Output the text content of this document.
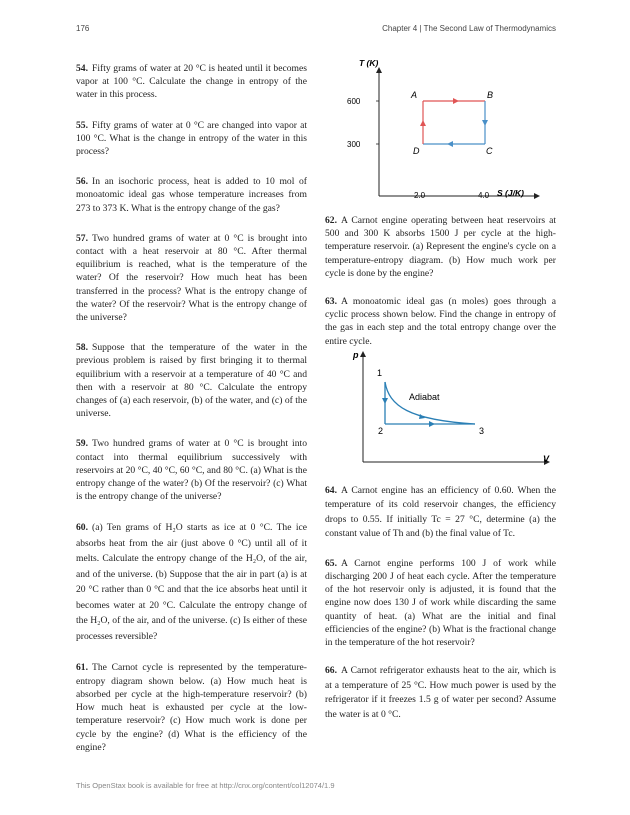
176	Chapter 4 | The Second Law of Thermodynamics

54. Fifty grams of water at 20 °C is heated until it becomes vapor at 100 °C. Calculate the change in entropy of the water in this process.

55. Fifty grams of water at 0 °C are changed into vapor at 100 °C. What is the change in entropy of the water in this process?

56. In an isochoric process, heat is added to 10 mol of monoatomic ideal gas whose temperature increases from 273 to 373 K. What is the entropy change of the gas?

57. Two hundred grams of water at 0 °C is brought into contact with a heat reservoir at 80 °C. After thermal equilibrium is reached, what is the temperature of the water? Of the reservoir? How much heat has been transferred in the process? What is the entropy change of the water? Of the reservoir? What is the entropy change of the universe?

58. Suppose that the temperature of the water in the previous problem is raised by first bringing it to thermal equilibrium with a reservoir at a temperature of 40 °C and then with a reservoir at 80 °C. Calculate the entropy changes of (a) each reservoir, (b) of the water, and (c) of the universe.

59. Two hundred grams of water at 0 °C is brought into contact into thermal equilibrium successively with reservoirs at 20 °C, 40 °C, 60 °C, and 80 °C. (a) What is the entropy change of the water? (b) Of the reservoir? (c) What is the entropy change of the universe?

60. (a) Ten grams of H₂O starts as ice at 0 °C. The ice absorbs heat from the air (just above 0 °C) until all of it melts. Calculate the entropy change of the H₂O, of the air, and of the universe. (b) Suppose that the air in part (a) is at 20 °C rather than 0 °C and that the ice absorbs heat until it becomes water at 20 °C. Calculate the entropy change of the H₂O, of the air, and of the universe. (c) Is either of these processes reversible?

61. The Carnot cycle is represented by the temperature-entropy diagram shown below. (a) How much heat is absorbed per cycle at the high-temperature reservoir? (b) How much heat is exhausted per cycle at the low-temperature reservoir? (c) How much work is done per cycle by the engine? (d) What is the efficiency of the engine?

T (K)
S (J/K)
600
300
2.0	4.0
A	B
C
D

62. A Carnot engine operating between heat reservoirs at 500 and 300 K absorbs 1500 J per cycle at the high-temperature reservoir. (a) Represent the engine's cycle on a temperature-entropy diagram. (b) How much work per cycle is done by the engine?

63. A monoatomic ideal gas (n moles) goes through a cyclic process shown below. Find the change in entropy of the gas in each step and the total entropy change over the entire cycle.

p
V
1
2	3
Adiabat

64. A Carnot engine has an efficiency of 0.60. When the temperature of its cold reservoir changes, the efficiency drops to 0.55. If initially Tc = 27 °C, determine (a) the constant value of Th and (b) the final value of Tc.

65. A Carnot engine performs 100 J of work while discharging 200 J of heat each cycle. After the temperature of the hot reservoir only is adjusted, it is found that the engine now does 130 J of work while discarding the same quantity of heat. (a) What are the initial and final efficiencies of the engine? (b) What is the fractional change in the temperature of the hot reservoir?

66. A Carnot refrigerator exhausts heat to the air, which is at a temperature of 25 °C. How much power is used by the refrigerator if it freezes 1.5 g of water per second? Assume the water is at 0 °C.

This OpenStax book is available for free at http://cnx.org/content/col12074/1.9
